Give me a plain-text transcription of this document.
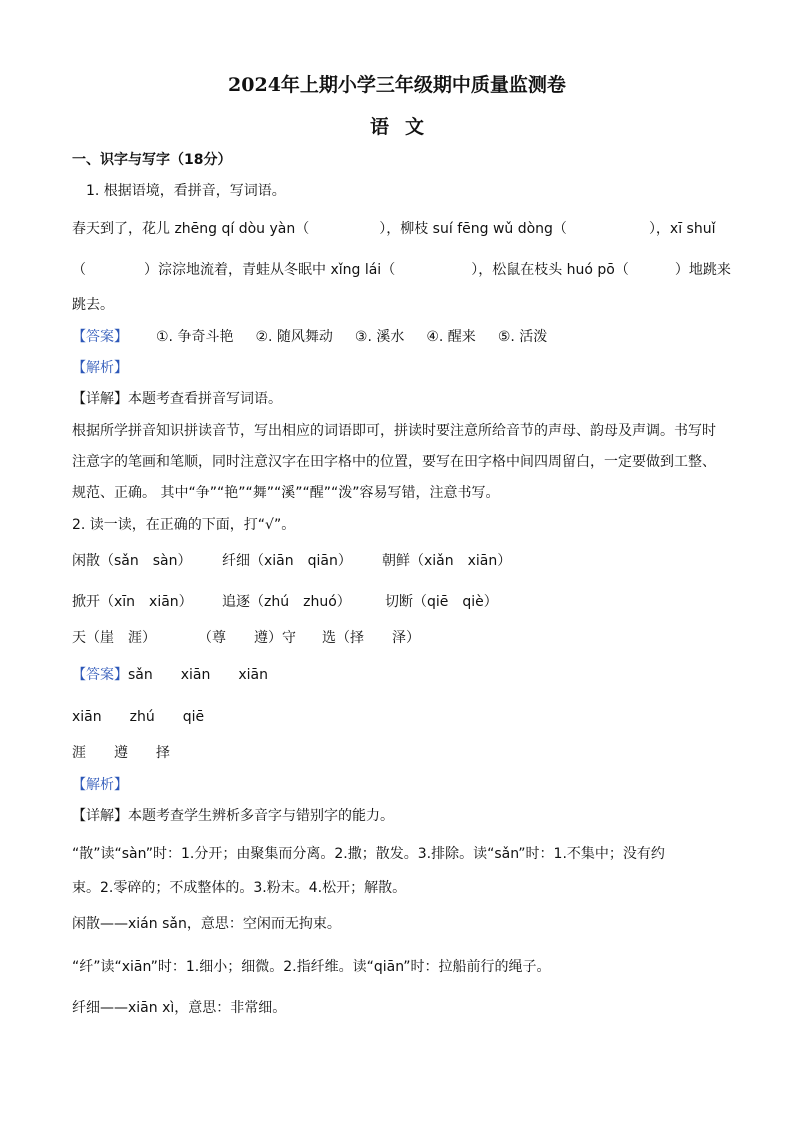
2024年上期小学三年级期中质量监测卷
语文
一、识字与写字（18分）
1. 根据语境，看拼音，写词语。
春天到了，花儿 zhēng qí dòu yàn（	），柳枝 suí fēng wǔ dòng（	），xī shuǐ
（	）淙淙地流着，青蛙从冬眠中 xǐng lái（	），松鼠在枝头 huó pō（	）地跳来
跳去。
【答案】 ①. 争奇斗艳 ②. 随风舞动 ③. 溪水 ④. 醒来 ⑤. 活泼
【解析】
【详解】本题考查看拼音写词语。
根据所学拼音知识拼读音节，写出相应的词语即可，拼读时要注意所给音节的声母、韵母及声调。书写时
注意字的笔画和笔顺，同时注意汉字在田字格中的位置，要写在田字格中间四周留白，一定要做到工整、
规范、正确。 其中“争”“艳”“舞”“溪”“醒”“泼”容易写错，注意书写。
2. 读一读，在正确的下面，打“√”。
闲散（sǎn　sàn） 纤细（xiān　qiān） 朝鲜（xiǎn　xiān）
掀开（xīn　xiān） 追逐（zhú　zhuó） 切断（qiē　qiè）
天（崖　涯）	（尊　　遵）守 选（择　　泽）
【答案】sǎn　　xiān　　xiān
xiān　　zhú　　qiē
涯　　遵　　择
【解析】
【详解】本题考查学生辨析多音字与错别字的能力。
“散”读“sàn”时：1.分开；由聚集而分离。2.撒；散发。3.排除。读“sǎn”时：1.不集中；没有约
束。2.零碎的；不成整体的。3.粉末。4.松开；解散。
闲散——xián sǎn，意思：空闲而无拘束。
“纤”读“xiān”时：1.细小；细微。2.指纤维。读“qiān”时：拉船前行的绳子。
纤细——xiān xì，意思：非常细。
